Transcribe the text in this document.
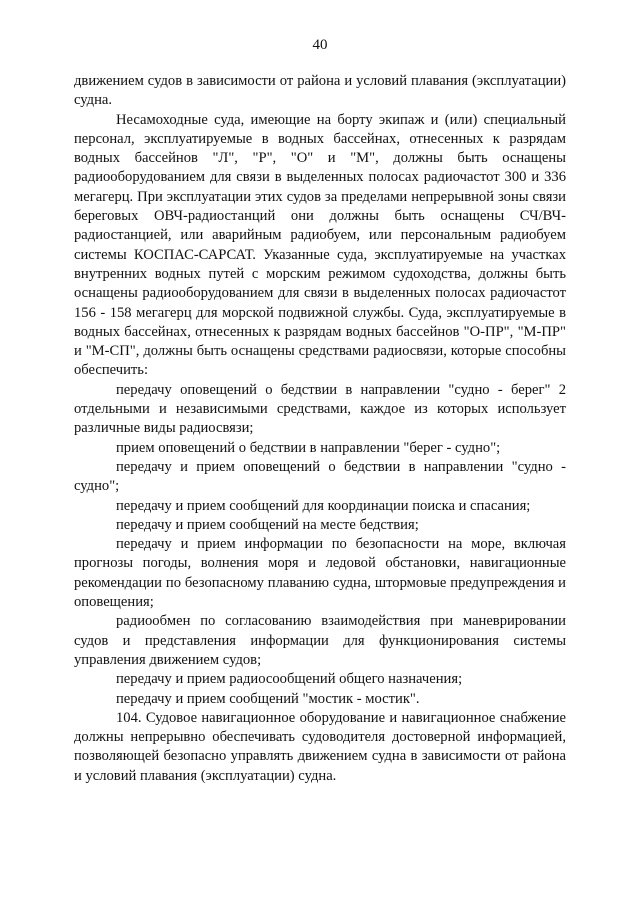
40

движением судов в зависимости от района и условий плавания (эксплуатации) судна.

Несамоходные суда, имеющие на борту экипаж и (или) специальный персонал, эксплуатируемые в водных бассейнах, отнесенных к разрядам водных бассейнов "Л", "Р", "О" и "М", должны быть оснащены радиооборудованием для связи в выделенных полосах радиочастот 300 и 336 мегагерц. При эксплуатации этих судов за пределами непрерывной зоны связи береговых ОВЧ-радиостанций они должны быть оснащены СЧ/ВЧ-радиостанцией, или аварийным радиобуем, или персональным радиобуем системы КОСПАС-САРСАТ. Указанные суда, эксплуатируемые на участках внутренних водных путей с морским режимом судоходства, должны быть оснащены радиооборудованием для связи в выделенных полосах радиочастот 156 - 158 мегагерц для морской подвижной службы. Суда, эксплуатируемые в водных бассейнах, отнесенных к разрядам водных бассейнов "О-ПР", "М-ПР" и "М-СП", должны быть оснащены средствами радиосвязи, которые способны обеспечить:

передачу оповещений о бедствии в направлении "судно - берег" 2 отдельными и независимыми средствами, каждое из которых использует различные виды радиосвязи;

прием оповещений о бедствии в направлении "берег - судно";

передачу и прием оповещений о бедствии в направлении "судно - судно";

передачу и прием сообщений для координации поиска и спасания;

передачу и прием сообщений на месте бедствия;

передачу и прием информации по безопасности на море, включая прогнозы погоды, волнения моря и ледовой обстановки, навигационные рекомендации по безопасному плаванию судна, штормовые предупреждения и оповещения;

радиообмен по согласованию взаимодействия при маневрировании судов и представления информации для функционирования системы управления движением судов;

передачу и прием радиосообщений общего назначения;

передачу и прием сообщений "мостик - мостик".

104. Судовое навигационное оборудование и навигационное снабжение должны непрерывно обеспечивать судоводителя достоверной информацией, позволяющей безопасно управлять движением судна в зависимости от района и условий плавания (эксплуатации) судна.
